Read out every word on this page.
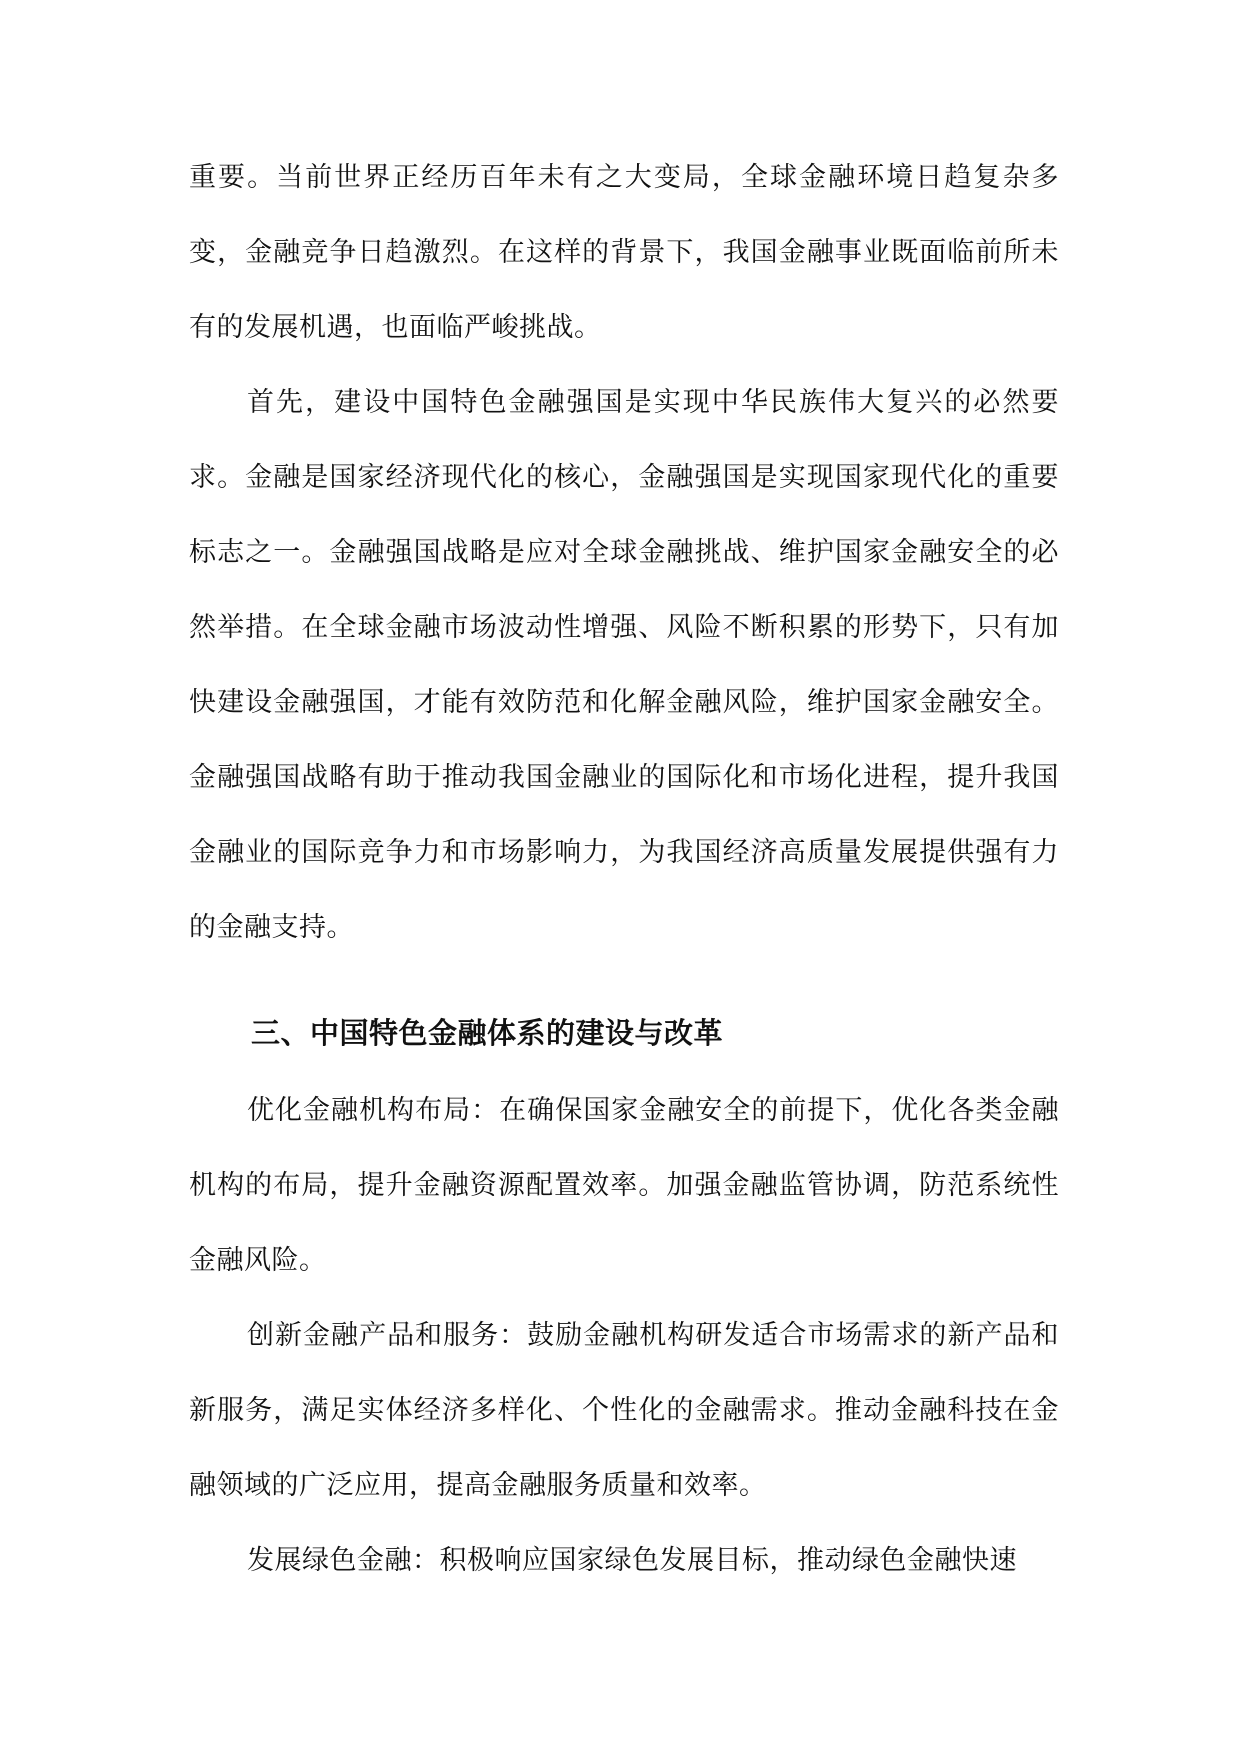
重要。当前世界正经历百年未有之大变局，全球金融环境日趋复杂多变，金融竞争日趋激烈。在这样的背景下，我国金融事业既面临前所未有的发展机遇，也面临严峻挑战。

首先，建设中国特色金融强国是实现中华民族伟大复兴的必然要求。金融是国家经济现代化的核心，金融强国是实现国家现代化的重要标志之一。金融强国战略是应对全球金融挑战、维护国家金融安全的必然举措。在全球金融市场波动性增强、风险不断积累的形势下，只有加快建设金融强国，才能有效防范和化解金融风险，维护国家金融安全。金融强国战略有助于推动我国金融业的国际化和市场化进程，提升我国金融业的国际竞争力和市场影响力，为我国经济高质量发展提供强有力的金融支持。

三、中国特色金融体系的建设与改革

优化金融机构布局：在确保国家金融安全的前提下，优化各类金融机构的布局，提升金融资源配置效率。加强金融监管协调，防范系统性金融风险。

创新金融产品和服务：鼓励金融机构研发适合市场需求的新产品和新服务，满足实体经济多样化、个性化的金融需求。推动金融科技在金融领域的广泛应用，提高金融服务质量和效率。

发展绿色金融：积极响应国家绿色发展目标，推动绿色金融快速
